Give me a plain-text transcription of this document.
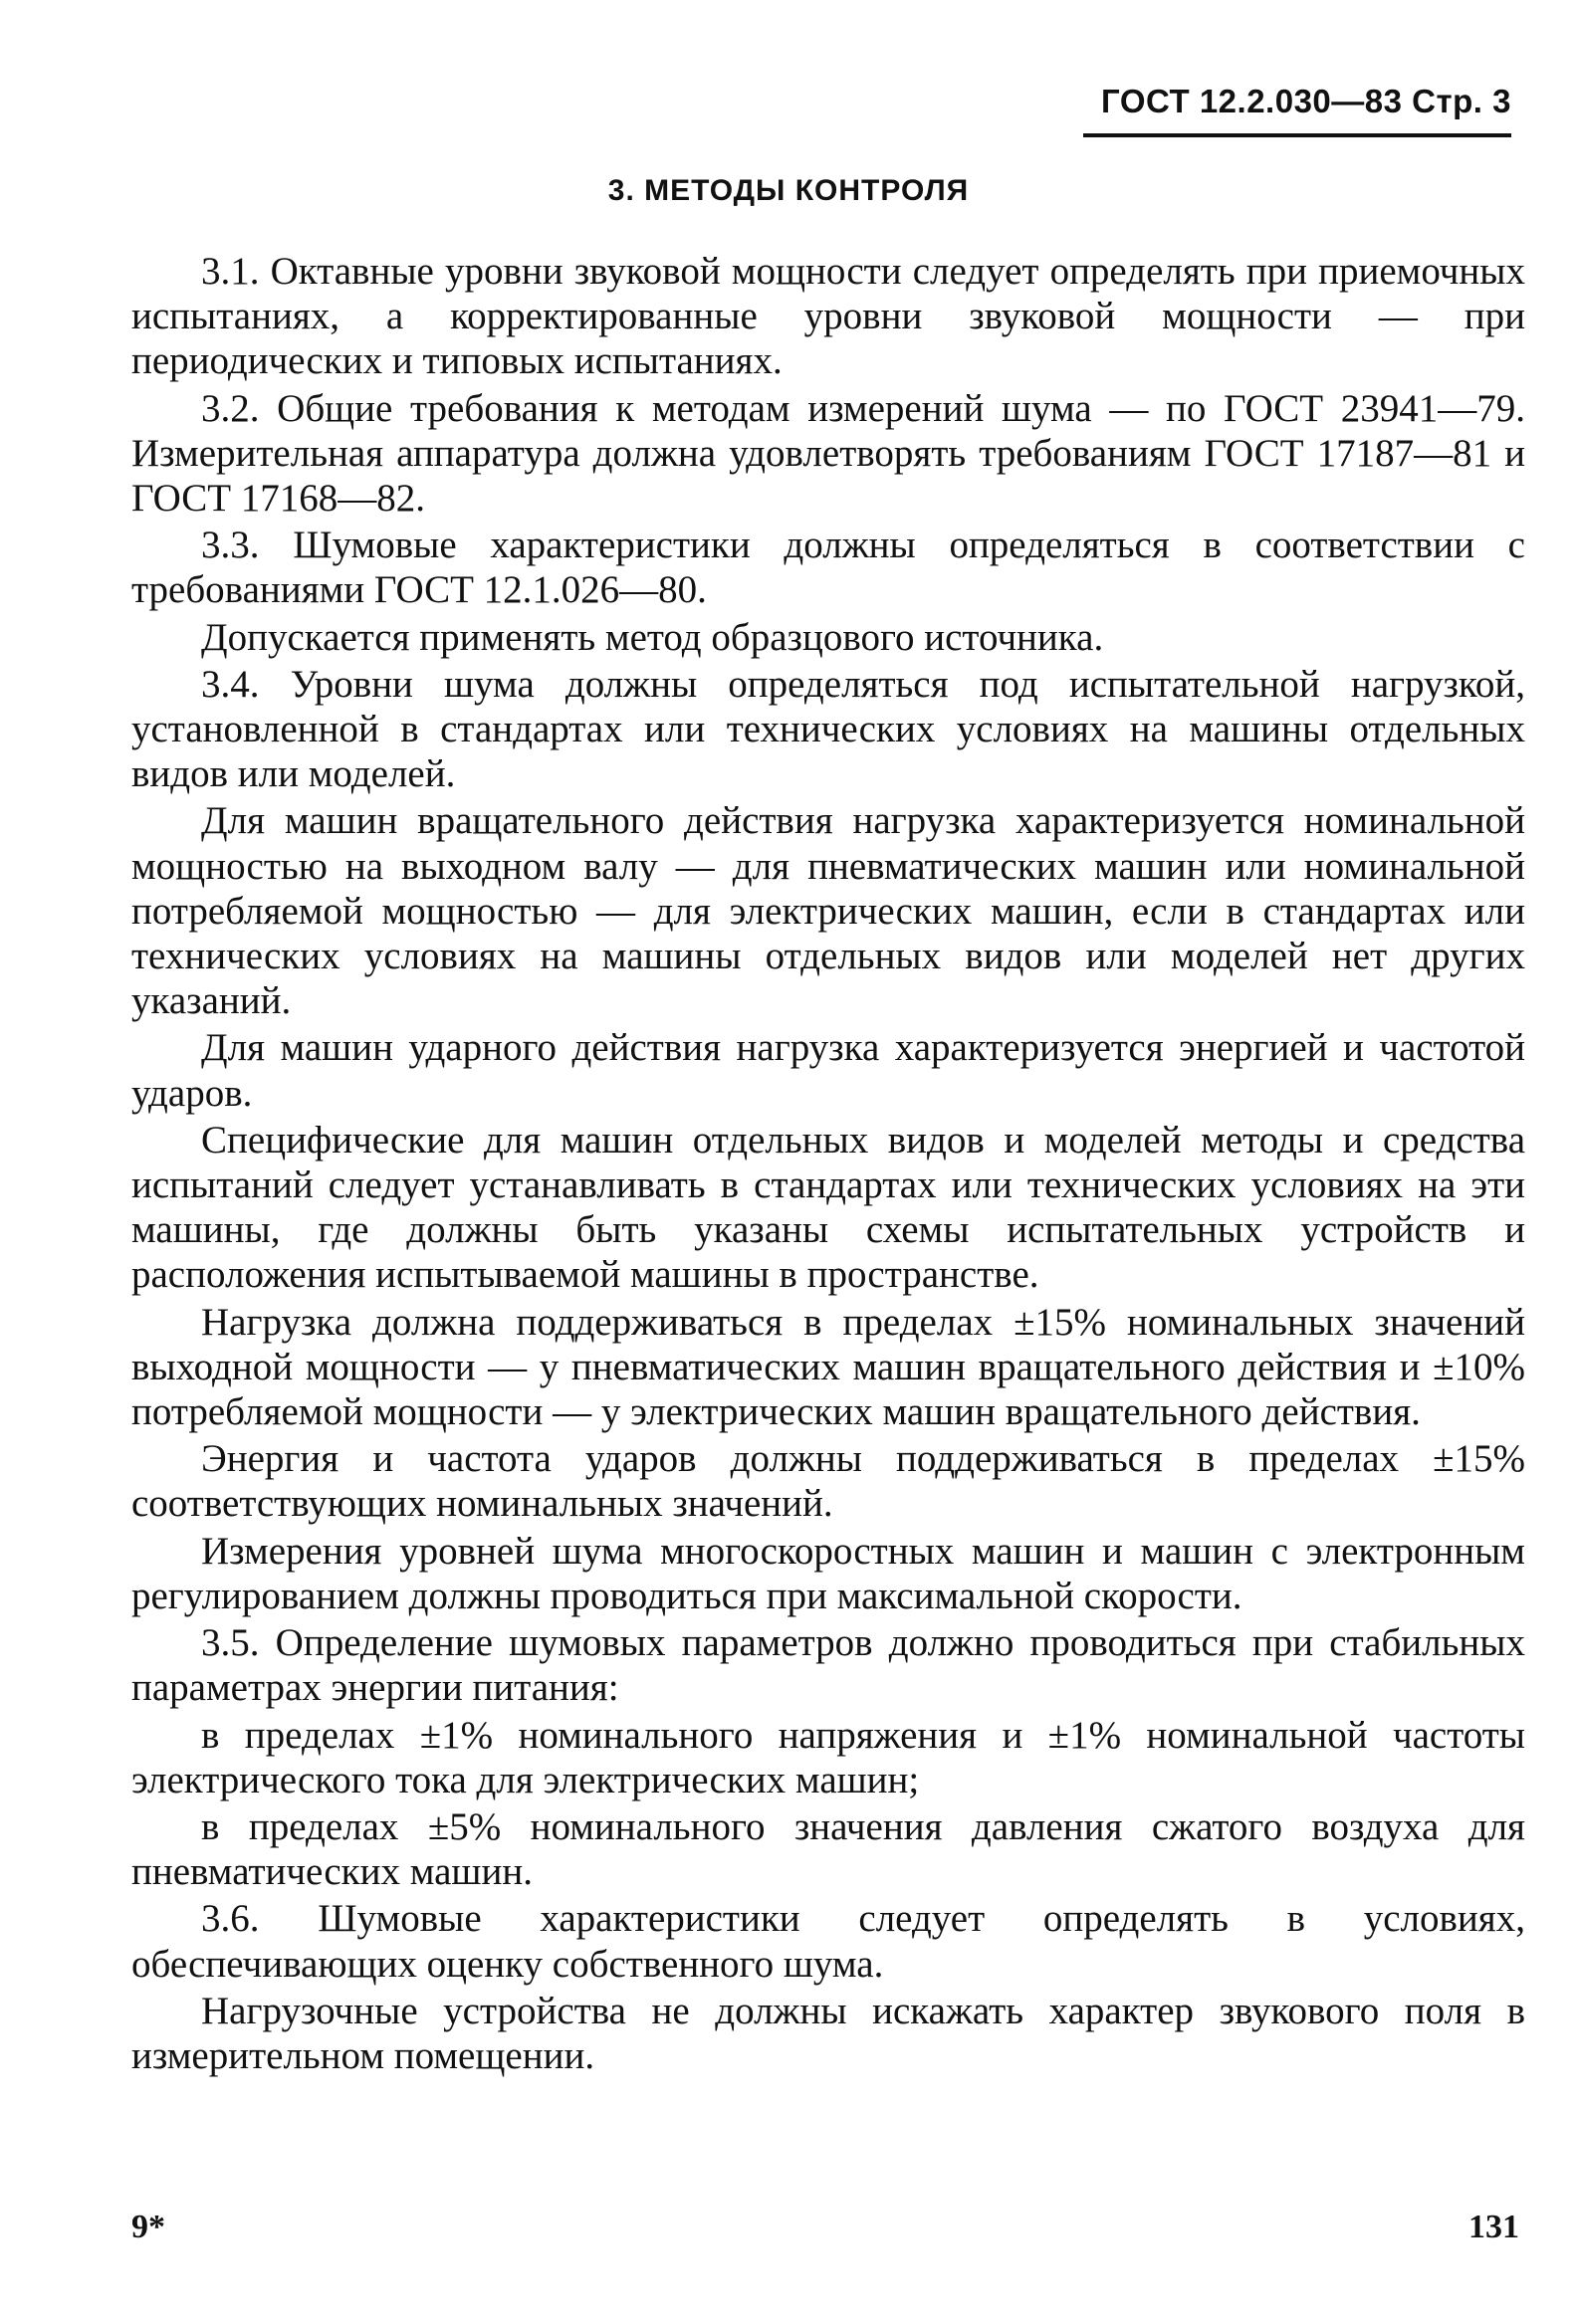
ГОСТ 12.2.030—83 Стр. 3
3. МЕТОДЫ КОНТРОЛЯ

3.1. Октавные уровни звуковой мощности следует определять при приемочных испытаниях, а корректированные уровни звуковой мощности — при периодических и типовых испытаниях.

3.2. Общие требования к методам измерений шума — по ГОСТ 23941—79. Измерительная аппаратура должна удовлетворять требованиям ГОСТ 17187—81 и ГОСТ 17168—82.

3.3. Шумовые характеристики должны определяться в соответствии с требованиями ГОСТ 12.1.026—80.

Допускается применять метод образцового источника.

3.4. Уровни шума должны определяться под испытательной нагрузкой, установленной в стандартах или технических условиях на машины отдельных видов или моделей.

Для машин вращательного действия нагрузка характеризуется номинальной мощностью на выходном валу — для пневматических машин или номинальной потребляемой мощностью — для электрических машин, если в стандартах или технических условиях на машины отдельных видов или моделей нет других указаний.

Для машин ударного действия нагрузка характеризуется энергией и частотой ударов.

Специфические для машин отдельных видов и моделей методы и средства испытаний следует устанавливать в стандартах или технических условиях на эти машины, где должны быть указаны схемы испытательных устройств и расположения испытываемой машины в пространстве.

Нагрузка должна поддерживаться в пределах ±15% номинальных значений выходной мощности — у пневматических машин вращательного действия и ±10% потребляемой мощности — у электрических машин вращательного действия.

Энергия и частота ударов должны поддерживаться в пределах ±15% соответствующих номинальных значений.

Измерения уровней шума многоскоростных машин и машин с электронным регулированием должны проводиться при максимальной скорости.

3.5. Определение шумовых параметров должно проводиться при стабильных параметрах энергии питания:

в пределах ±1% номинального напряжения и ±1% номинальной частоты электрического тока для электрических машин;

в пределах ±5% номинального значения давления сжатого воздуха для пневматических машин.

3.6. Шумовые характеристики следует определять в условиях, обеспечивающих оценку собственного шума.

Нагрузочные устройства не должны искажать характер звукового поля в измерительном помещении.

9*	131
